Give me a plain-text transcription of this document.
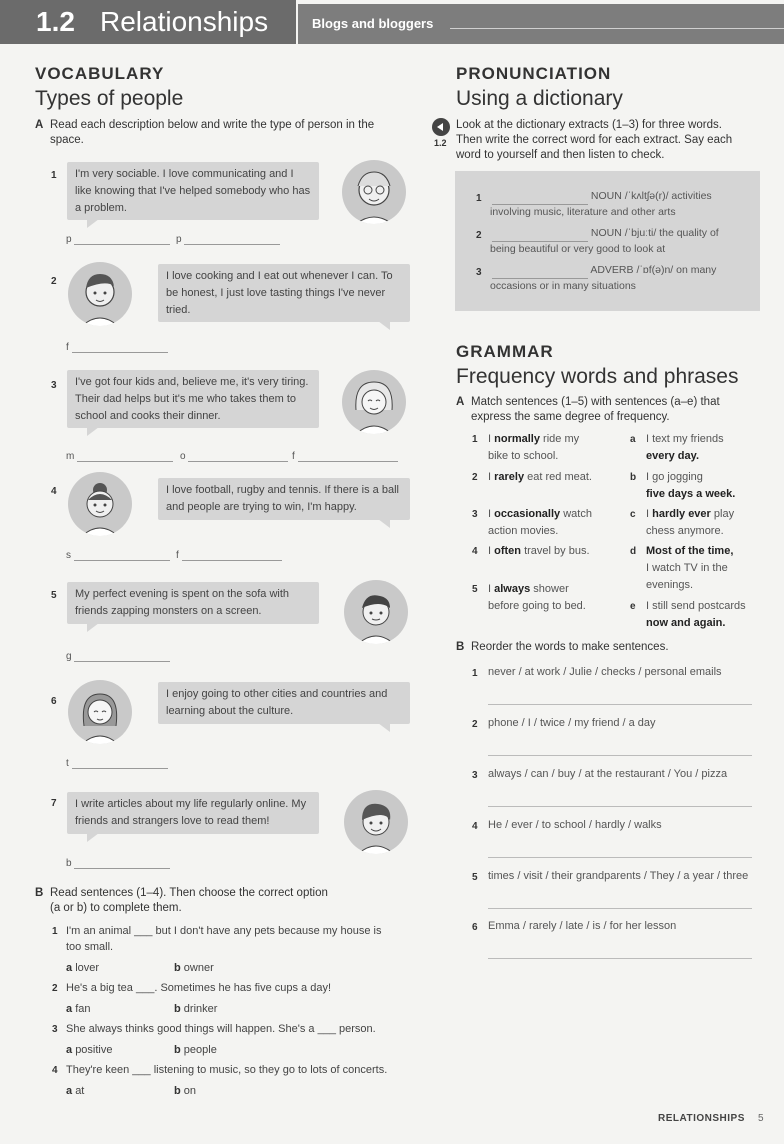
1.2 Relationships	Blogs and bloggers
VOCABULARY
Types of people
A Read each description below and write the type of person in the space.
1	I'm very sociable. I love communicating and I like knowing that I've helped somebody who has a problem.
p	p
2	I love cooking and I eat out whenever I can. To be honest, I just love tasting things I've never tried.
f
3	I've got four kids and, believe me, it's very tiring. Their dad helps but it's me who takes them to school and cooks their dinner.
m	o	f
4	I love football, rugby and tennis. If there is a ball and people are trying to win, I'm happy.
s	f
5	My perfect evening is spent on the sofa with friends zapping monsters on a screen.
g
6
I enjoy going to other cities and countries and learning about the culture.
t
7	I write articles about my life regularly online. My friends and strangers love to read them!
b
B Read sentences (1–4). Then choose the correct option
(a or b) to complete them.
1 I'm an animal ___ but I don't have any pets because my house is
too small.
a lover	b owner
2 He's a big tea ___. Sometimes he has five cups a day!
a fan	b drinker
3 She always thinks good things will happen. She's a ___ person.
a positive	b people
4 They're keen ___ listening to music, so they go to lots of concerts.
a at	b on
PRONUNCIATION
Using a dictionary
1.2
Look at the dictionary extracts (1–3) for three words.
Then write the correct word for each extract. Say each
word to yourself and then listen to check.
1	NOUN /ˈkʌltʃə(r)/ activities
involving music, literature and other arts
2	NOUN /ˈbjuːti/ the quality of
being beautiful or very good to look at
3	ADVERB /ˈɒf(ə)n/ on many
occasions or in many situations
GRAMMAR
Frequency words and phrases
A Match sentences (1–5) with sentences (a–e) that
express the same degree of frequency.
1 I normally ride my
bike to school.
2 I rarely eat red meat.
3 I occasionally watch
action movies.
4 I often travel by bus.
5 I always shower
before going to bed.
a I text my friends
every day.
b I go jogging
five days a week.
c I hardly ever play
chess anymore.
d Most of the time,
I watch TV in the
evenings.
e I still send postcards
now and again.
B Reorder the words to make sentences.
1 never / at work / Julie / checks / personal emails
2 phone / I / twice / my friend / a day
3 always / can / buy / at the restaurant / You / pizza
4 He / ever / to school / hardly / walks
5 times / visit / their grandparents / They / a year / three
6 Emma / rarely / late / is / for her lesson
RELATIONSHIPS 5
